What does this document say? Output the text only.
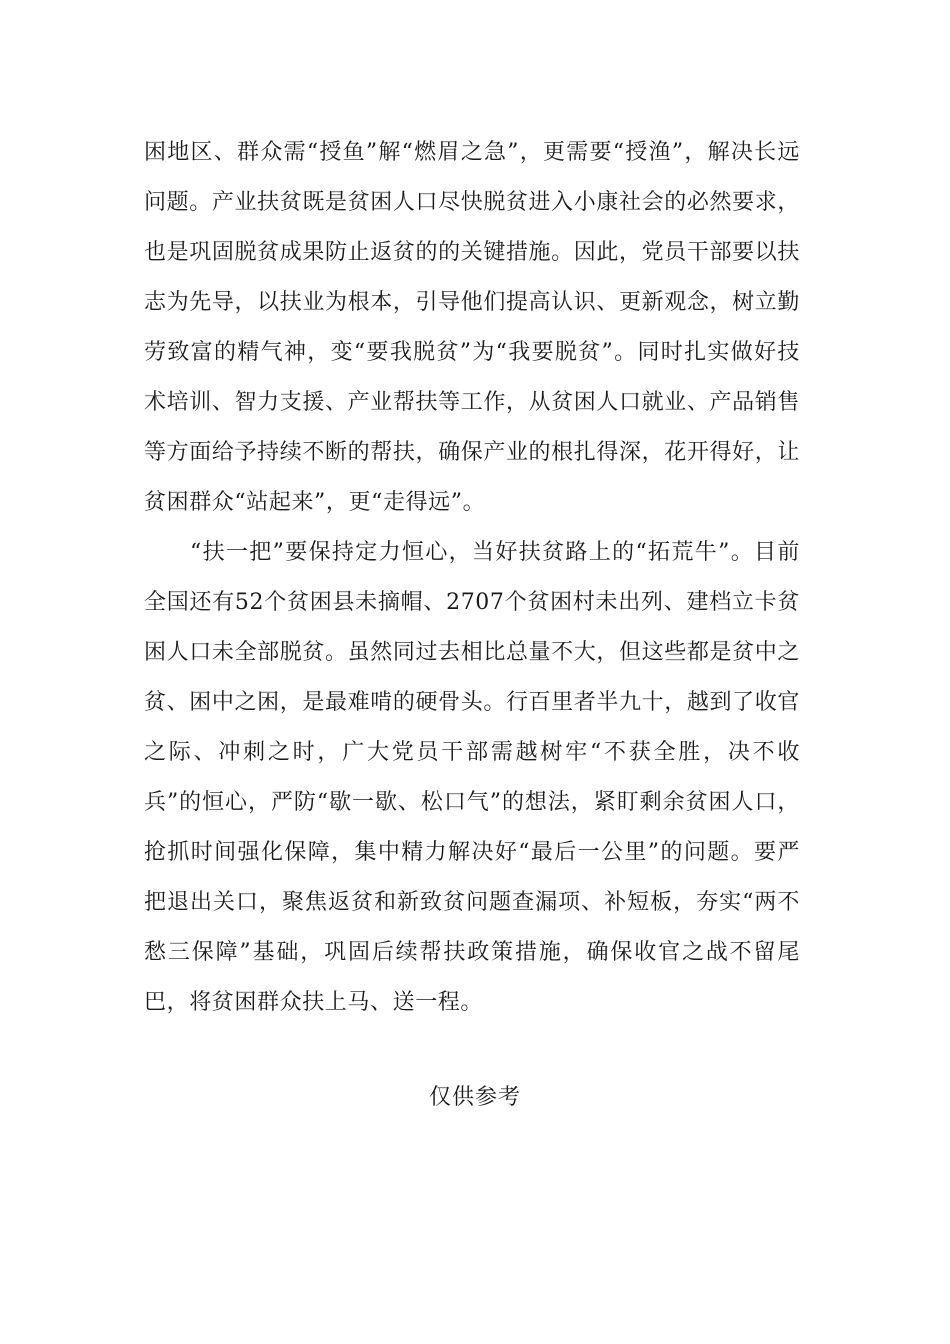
困地区、群众需“授鱼”解“燃眉之急”，更需要“授渔”，解决长远问题。产业扶贫既是贫困人口尽快脱贫进入小康社会的必然要求，也是巩固脱贫成果防止返贫的的关键措施。因此，党员干部要以扶志为先导，以扶业为根本，引导他们提高认识、更新观念，树立勤劳致富的精气神，变“要我脱贫”为“我要脱贫”。同时扎实做好技术培训、智力支援、产业帮扶等工作，从贫困人口就业、产品销售等方面给予持续不断的帮扶，确保产业的根扎得深，花开得好，让贫困群众“站起来”，更“走得远”。

“扶一把”要保持定力恒心，当好扶贫路上的“拓荒牛”。目前全国还有52个贫困县未摘帽、2707个贫困村未出列、建档立卡贫困人口未全部脱贫。虽然同过去相比总量不大，但这些都是贫中之贫、困中之困，是最难啃的硬骨头。行百里者半九十，越到了收官之际、冲刺之时，广大党员干部需越树牢“不获全胜，决不收兵”的恒心，严防“歇一歇、松口气”的想法，紧盯剩余贫困人口，抢抓时间强化保障，集中精力解决好“最后一公里”的问题。要严把退出关口，聚焦返贫和新致贫问题查漏项、补短板，夯实“两不愁三保障”基础，巩固后续帮扶政策措施，确保收官之战不留尾巴，将贫困群众扶上马、送一程。

仅供参考
